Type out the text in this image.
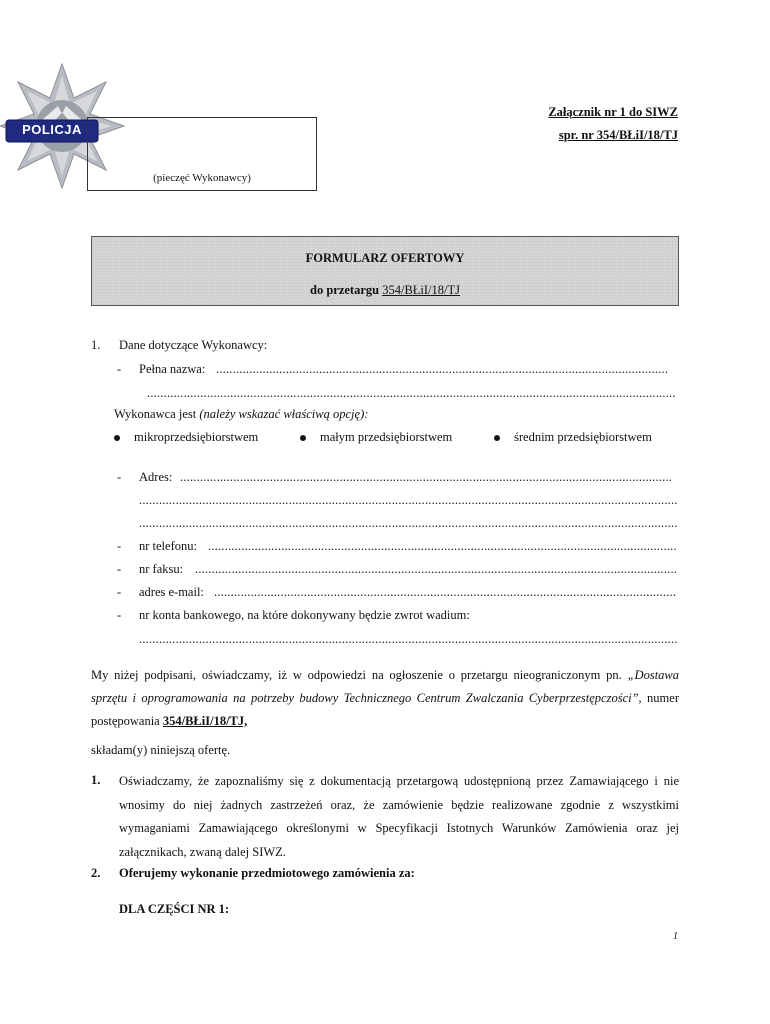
POLICJA
(pieczęć Wykonawcy)
Załącznik nr 1 do SIWZ
spr. nr 354/BŁiI/18/TJ
FORMULARZ OFERTOWY
do przetargu 354/BŁiI/18/TJ
1. Dane dotyczące Wykonawcy:
- Pełna nazwa:
.....
.....
Wykonawca jest (należy wskazać właściwą opcję):
mikroprzedsiębiorstwem	małym przedsiębiorstwem	średnim przedsiębiorstwem
- Adres:
.....
.....
.....
- nr telefonu:
.....
- nr faksu:
.....
- adres e-mail:
.....
- nr konta bankowego, na które dokonywany będzie zwrot wadium:
.....
My niżej podpisani, oświadczamy, iż w odpowiedzi na ogłoszenie o przetargu nieograniczonym pn. „Dostawa sprzętu i oprogramowania na potrzeby budowy Technicznego Centrum Zwalczania Cyberprzestępczości”, numer postępowania 354/BŁiI/18/TJ,
składam(y) niniejszą ofertę.
1. Oświadczamy, że zapoznaliśmy się z dokumentacją przetargową udostępnioną przez Zamawiającego i nie wnosimy do niej żadnych zastrzeżeń oraz, że zamówienie będzie realizowane zgodnie z wszystkimi wymaganiami Zamawiającego określonymi w Specyfikacji Istotnych Warunków Zamówienia oraz jej załącznikach, zwaną dalej SIWZ.
2. Oferujemy wykonanie przedmiotowego zamówienia za:
DLA CZĘŚCI NR 1:
1
